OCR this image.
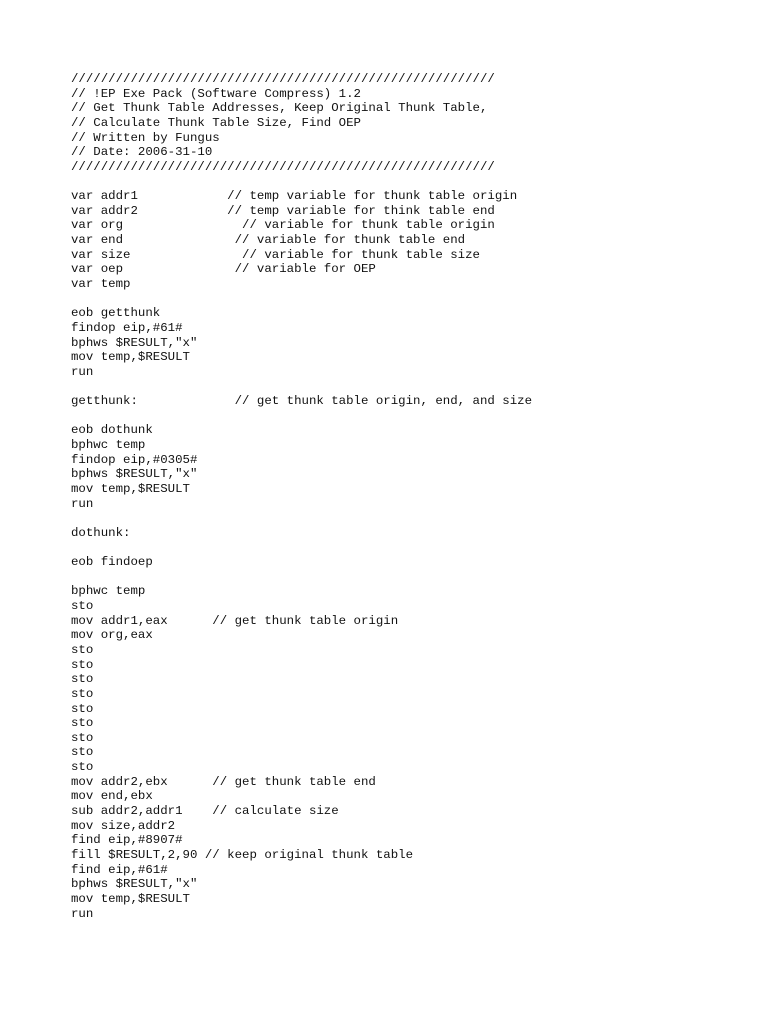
/////////////////////////////////////////////////////////
// !EP Exe Pack (Software Compress) 1.2
// Get Thunk Table Addresses, Keep Original Thunk Table,
// Calculate Thunk Table Size, Find OEP
// Written by Fungus
// Date: 2006-31-10
/////////////////////////////////////////////////////////
var addr1            // temp variable for thunk table origin
var addr2            // temp variable for think table end
var org                // variable for thunk table origin
var end               // variable for thunk table end
var size               // variable for thunk table size
var oep               // variable for OEP
var temp
eob getthunk
findop eip,#61#
bphws $RESULT,"x"
mov temp,$RESULT
run
getthunk:             // get thunk table origin, end, and size
eob dothunk
bphwc temp
findop eip,#0305#
bphws $RESULT,"x"
mov temp,$RESULT
run
dothunk:
eob findoep
bphwc temp
sto
mov addr1,eax      // get thunk table origin
mov org,eax
sto
sto
sto
sto
sto
sto
sto
sto
sto
mov addr2,ebx      // get thunk table end
mov end,ebx
sub addr2,addr1    // calculate size
mov size,addr2
find eip,#8907#
fill $RESULT,2,90 // keep original thunk table
find eip,#61#
bphws $RESULT,"x"
mov temp,$RESULT
run
